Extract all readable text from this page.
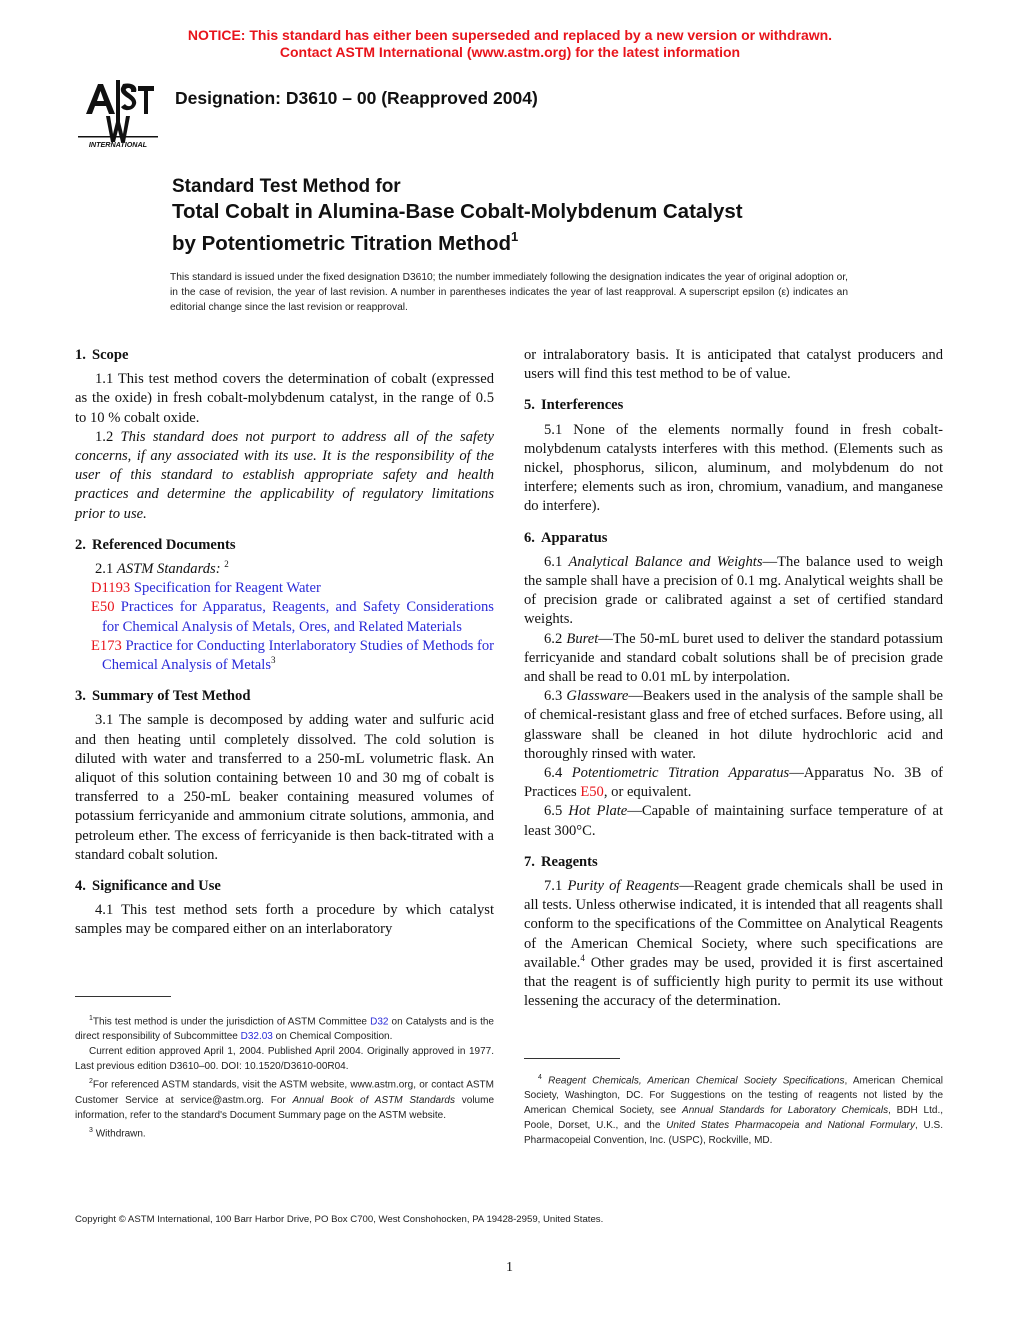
NOTICE: This standard has either been superseded and replaced by a new version or withdrawn.
Contact ASTM International (www.astm.org) for the latest information
INTERNATIONAL
Designation: D3610 – 00 (Reapproved 2004)
Standard Test Method for
Total Cobalt in Alumina-Base Cobalt-Molybdenum Catalyst
by Potentiometric Titration Method$^1$
This standard is issued under the fixed designation D3610; the number immediately following the designation indicates the year of original adoption or, in the case of revision, the year of last revision. A number in parentheses indicates the year of last reapproval. A superscript epsilon (ε) indicates an editorial change since the last revision or reapproval.
1. Scope

1.1 This test method covers the determination of cobalt (expressed as the oxide) in fresh cobalt-molybdenum catalyst, in the range of 0.5 to 10 % cobalt oxide.

1.2 This standard does not purport to address all of the safety concerns, if any associated with its use. It is the responsibility of the user of this standard to establish appropriate safety and health practices and determine the applicability of regulatory limitations prior to use.

2. Referenced Documents

2.1 ASTM Standards: $^2$

D1193 Specification for Reagent Water
E50 Practices for Apparatus, Reagents, and Safety Considerations for Chemical Analysis of Metals, Ores, and Related Materials
E173 Practice for Conducting Interlaboratory Studies of Methods for Chemical Analysis of Metals$^3$
3. Summary of Test Method

3.1 The sample is decomposed by adding water and sulfuric acid and then heating until completely dissolved. The cold solution is diluted with water and transferred to a 250-mL volumetric flask. An aliquot of this solution containing between 10 and 30 mg of cobalt is transferred to a 250-mL beaker containing measured volumes of potassium ferricyanide and ammonium citrate solutions, ammonia, and petroleum ether. The excess of ferricyanide is then back-titrated with a standard cobalt solution.

4. Significance and Use

4.1 This test method sets forth a procedure by which catalyst samples may be compared either on an interlaboratory

$^1$This test method is under the jurisdiction of ASTM Committee D32 on Catalysts and is the direct responsibility of Subcommittee D32.03 on Chemical Composition.

Current edition approved April 1, 2004. Published April 2004. Originally approved in 1977. Last previous edition D3610–00. DOI: 10.1520/D3610-00R04.

$^2$For referenced ASTM standards, visit the ASTM website, www.astm.org, or contact ASTM Customer Service at service@astm.org. For Annual Book of ASTM Standards volume information, refer to the standard's Document Summary page on the ASTM website.

$^3$ Withdrawn.

or intralaboratory basis. It is anticipated that catalyst producers and users will find this test method to be of value.

5. Interferences

5.1 None of the elements normally found in fresh cobalt-molybdenum catalysts interferes with this method. (Elements such as nickel, phosphorus, silicon, aluminum, and molybdenum do not interfere; elements such as iron, chromium, vanadium, and manganese do interfere).

6. Apparatus

6.1 Analytical Balance and Weights—The balance used to weigh the sample shall have a precision of 0.1 mg. Analytical weights shall be of precision grade or calibrated against a set of certified standard weights.

6.2 Buret—The 50-mL buret used to deliver the standard potassium ferricyanide and standard cobalt solutions shall be of precision grade and shall be read to 0.01 mL by interpolation.

6.3 Glassware—Beakers used in the analysis of the sample shall be of chemical-resistant glass and free of etched surfaces. Before using, all glassware shall be cleaned in hot dilute hydrochloric acid and thoroughly rinsed with water.

6.4 Potentiometric Titration Apparatus—Apparatus No. 3B of Practices E50, or equivalent.

6.5 Hot Plate—Capable of maintaining surface temperature of at least 300°C.

7. Reagents

7.1 Purity of Reagents—Reagent grade chemicals shall be used in all tests. Unless otherwise indicated, it is intended that all reagents shall conform to the specifications of the Committee on Analytical Reagents of the American Chemical Society, where such specifications are available.$^4$ Other grades may be used, provided it is first ascertained that the reagent is of sufficiently high purity to permit its use without lessening the accuracy of the determination.

$^4$ Reagent Chemicals, American Chemical Society Specifications, American Chemical Society, Washington, DC. For Suggestions on the testing of reagents not listed by the American Chemical Society, see Annual Standards for Laboratory Chemicals, BDH Ltd., Poole, Dorset, U.K., and the United States Pharmacopeia and National Formulary, U.S. Pharmacopeial Convention, Inc. (USPC), Rockville, MD.

Copyright © ASTM International, 100 Barr Harbor Drive, PO Box C700, West Conshohocken, PA 19428-2959, United States.
1
